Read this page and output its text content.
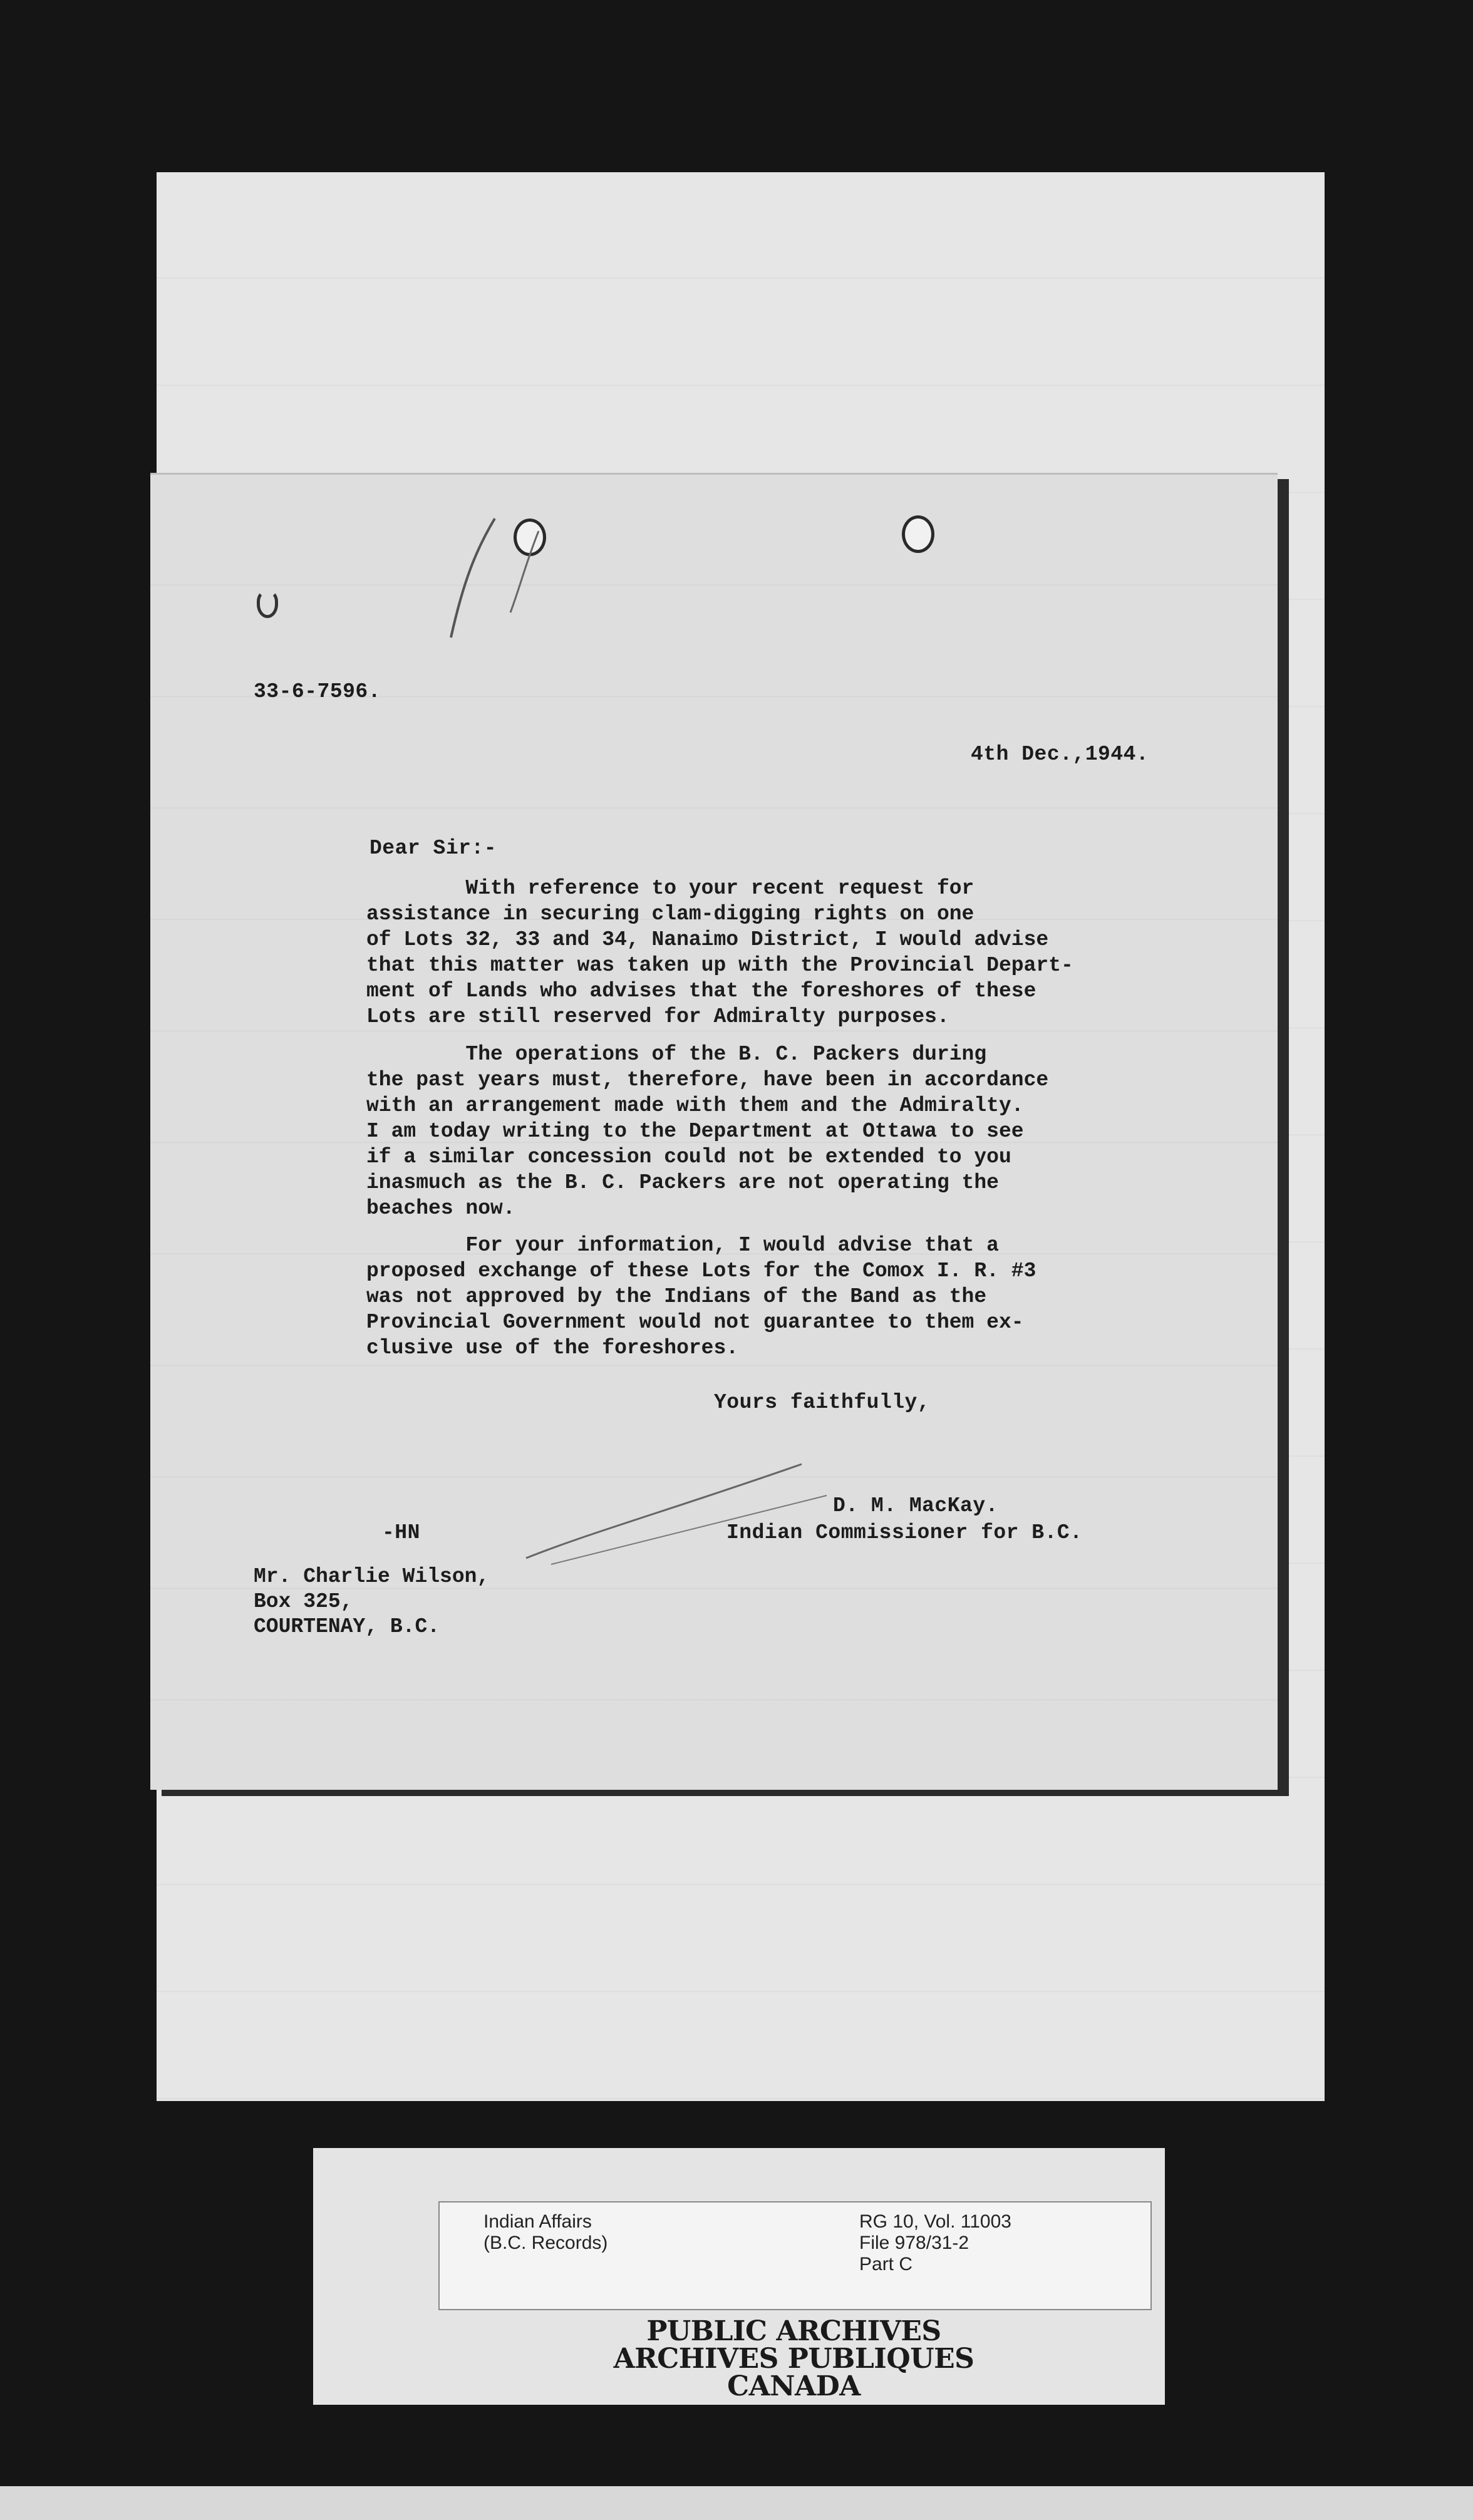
33-6-7596.
4th Dec.,1944.
Dear Sir:-
With reference to your recent request for
assistance in securing clam-digging rights on one
of Lots 32, 33 and 34, Nanaimo District, I would advise
that this matter was taken up with the Provincial Depart-
ment of Lands who advises that the foreshores of these
Lots are still reserved for Admiralty purposes.
The operations of the B. C. Packers during
the past years must, therefore, have been in accordance
with an arrangement made with them and the Admiralty.
I am today writing to the Department at Ottawa to see
if a similar concession could not be extended to you
inasmuch as the B. C. Packers are not operating the
beaches now.
For your information, I would advise that a
proposed exchange of these Lots for the Comox I. R. #3
was not approved by the Indians of the Band as the
Provincial Government would not guarantee to them ex-
clusive use of the foreshores.
Yours faithfully,
D. M. MacKay.
-HN	Indian Commissioner for B.C.
Mr. Charlie Wilson,
Box 325,
COURTENAY, B.C.
Indian Affairs
(B.C. Records)
RG 10, Vol. 11003
File 978/31-2
Part C
PUBLIC ARCHIVES
ARCHIVES PUBLIQUES
CANADA
